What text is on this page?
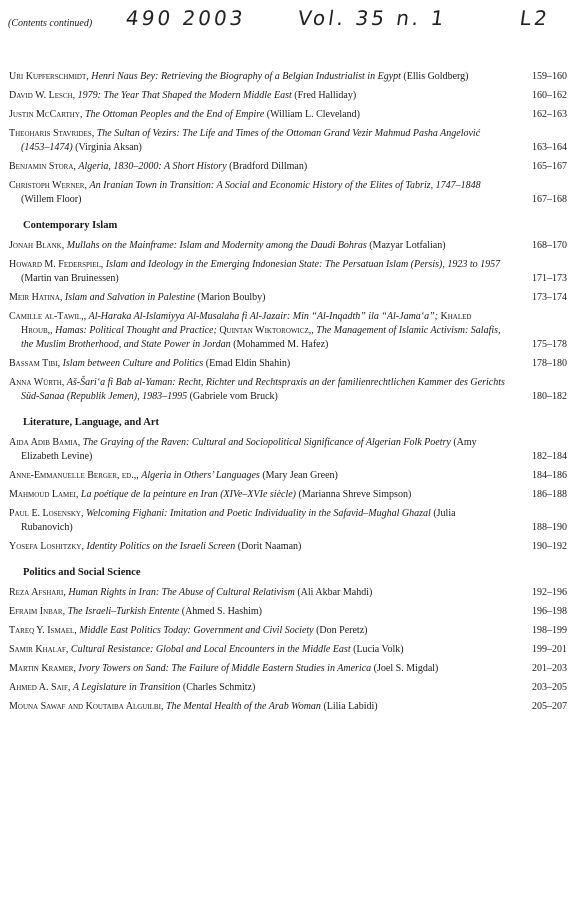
(Contents continued) 490 2003 Vol. 35 n. 1	L2
Uri Kupferschmidt, Henri Naus Bey: Retrieving the Biography of a Belgian Industrialist in Egypt (Ellis Goldberg)	159–160
David W. Lesch, 1979: The Year That Shaped the Modern Middle East (Fred Halliday)	160–162
Justin McCarthy, The Ottoman Peoples and the End of Empire (William L. Cleveland)	162–163
Theoharis Stavrides, The Sultan of Vezirs: The Life and Times of the Ottoman Grand Vezir Mahmud Pasha Angelović (1453–1474) (Virginia Aksan)	163–164
Benjamin Stora, Algeria, 1830–2000: A Short History (Bradford Dillman)	165–167
Christoph Werner, An Iranian Town in Transition: A Social and Economic History of the Elites of Tabriz, 1747–1848 (Willem Floor)	167–168
Contemporary Islam
Jonah Blank, Mullahs on the Mainframe: Islam and Modernity among the Daudi Bohras (Mazyar Lotfalian)	168–170
Howard M. Federspiel, Islam and Ideology in the Emerging Indonesian State: The Persatuan Islam (Persis), 1923 to 1957 (Martin van Bruinessen)	171–173
Meir Hatina, Islam and Salvation in Palestine (Marion Boulby)	173–174
Camille al-Tawil,, Al-Haraka Al-Islamiyya Al-Musalaha fi Al-Jazair: Min “Al-Inqadth” ila “Al-Jama‘a”; Khaled Hroub,, Hamas: Political Thought and Practice; Quintan Wiktorowicz,, The Management of Islamic Activism: Salafis, the Muslim Brotherhood, and State Power in Jordan (Mohammed M. Hafez)	175–178
Bassam Tibi, Islam between Culture and Politics (Emad Eldin Shahin)	178–180
Anna Würth, Aš-Šari‘a fi Bab al-Yaman: Recht, Richter und Rechtspraxis an der familienrechtlichen Kammer des Gerichts Süd-Sanaa (Republik Jemen), 1983–1995 (Gabriele vom Bruck)	180–182
Literature, Language, and Art
Aida Adib Bamia, The Graying of the Raven: Cultural and Sociopolitical Significance of Algerian Folk Poetry (Amy Elizabeth Levine)	182–184
Anne-Emmanuelle Berger, ed.,, Algeria in Others’ Languages (Mary Jean Green)	184–186
Mahmoud Lamei, La poétique de la peinture en Iran (XIVe–XVIe siècle) (Marianna Shreve Simpson)	186–188
Paul E. Losensky, Welcoming Fighani: Imitation and Poetic Individuality in the Safavid–Mughal Ghazal (Julia Rubanovich)	188–190
Yosefa Loshitzky, Identity Politics on the Israeli Screen (Dorit Naaman)	190–192
Politics and Social Science
Reza Afshari, Human Rights in Iran: The Abuse of Cultural Relativism (Ali Akbar Mahdi)	192–196
Efraim Inbar, The Israeli–Turkish Entente (Ahmed S. Hashim)	196–198
Tareq Y. Ismael, Middle East Politics Today: Government and Civil Society (Don Peretz)	198–199
Samir Khalaf, Cultural Resistance: Global and Local Encounters in the Middle East (Lucia Volk)	199–201
Martin Kramer, Ivory Towers on Sand: The Failure of Middle Eastern Studies in America (Joel S. Migdal)	201–203
Ahmed A. Saif, A Legislature in Transition (Charles Schmitz)	203–205
Mouna Sawaf and Koutaiba Alguilbi, The Mental Health of the Arab Woman (Lilia Labidi)	205–207
